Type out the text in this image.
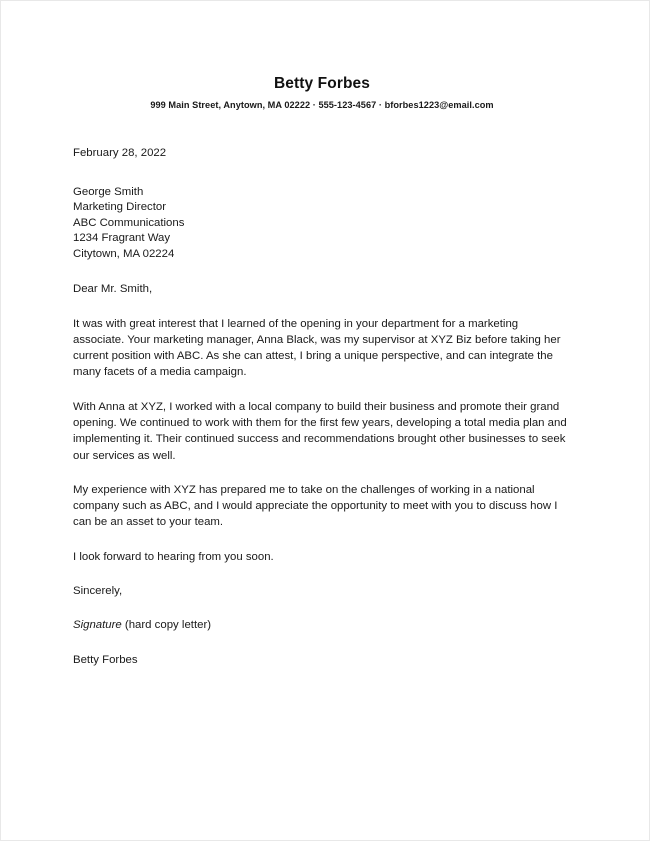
Betty Forbes
999 Main Street, Anytown, MA 02222 · 555-123-4567 · bforbes1223@email.com
February 28, 2022
George Smith
Marketing Director
ABC Communications
1234 Fragrant Way
Citytown, MA 02224
Dear Mr. Smith,

It was with great interest that I learned of the opening in your department for a marketing associate. Your marketing manager, Anna Black, was my supervisor at XYZ Biz before taking her current position with ABC. As she can attest, I bring a unique perspective, and can integrate the many facets of a media campaign.

With Anna at XYZ, I worked with a local company to build their business and promote their grand opening. We continued to work with them for the first few years, developing a total media plan and implementing it. Their continued success and recommendations brought other businesses to seek our services as well.

My experience with XYZ has prepared me to take on the challenges of working in a national company such as ABC, and I would appreciate the opportunity to meet with you to discuss how I can be an asset to your team.

I look forward to hearing from you soon.

Sincerely,
Signature (hard copy letter)
Betty Forbes
